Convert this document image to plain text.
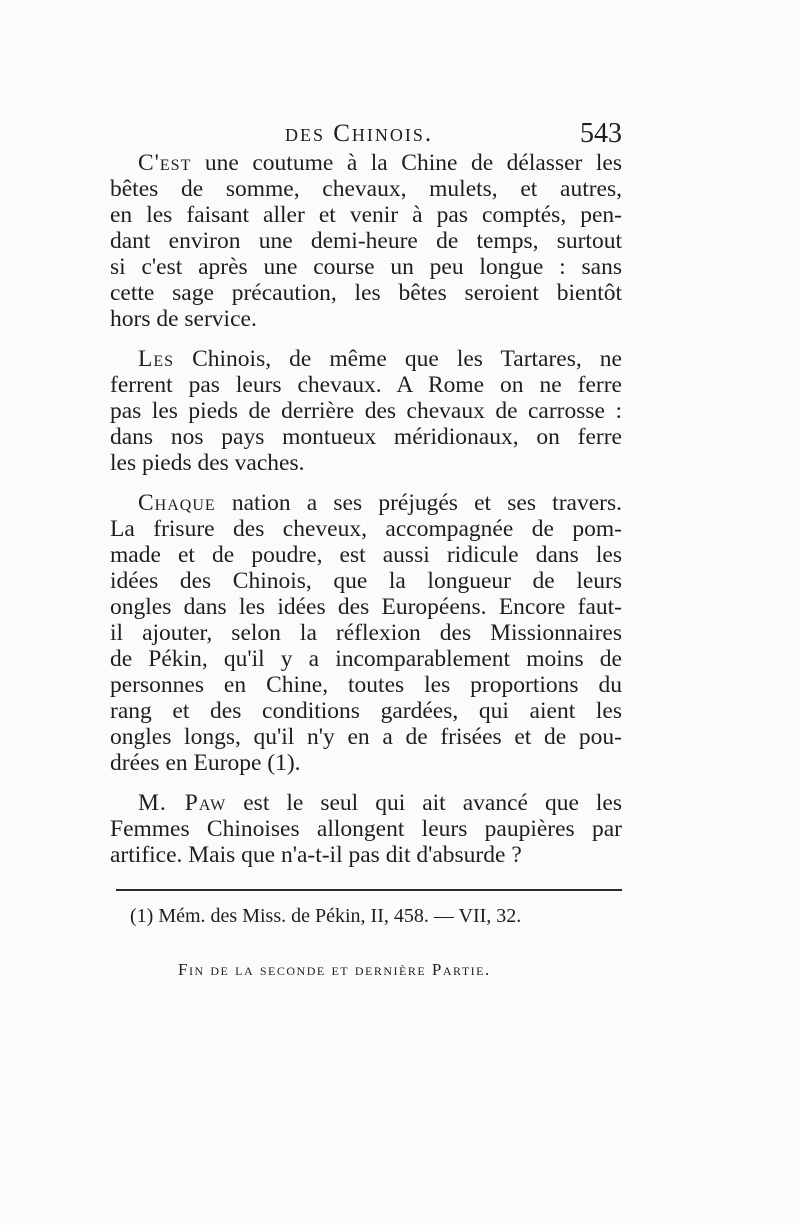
des Chinois.	543
C'est une coutume à la Chine de délasser les
bêtes de somme, chevaux, mulets, et autres,
en les faisant aller et venir à pas comptés, pen-
dant environ une demi-heure de temps, surtout
si c'est après une course un peu longue : sans
cette sage précaution, les bêtes seroient bientôt
hors de service.
Les Chinois, de même que les Tartares, ne
ferrent pas leurs chevaux. A Rome on ne ferre
pas les pieds de derrière des chevaux de carrosse :
dans nos pays montueux méridionaux, on ferre
les pieds des vaches.
Chaque nation a ses préjugés et ses travers.
La frisure des cheveux, accompagnée de pom-
made et de poudre, est aussi ridicule dans les
idées des Chinois, que la longueur de leurs
ongles dans les idées des Européens. Encore faut-
il ajouter, selon la réflexion des Missionnaires
de Pékin, qu'il y a incomparablement moins de
personnes en Chine, toutes les proportions du
rang et des conditions gardées, qui aient les
ongles longs, qu'il n'y en a de frisées et de pou-
drées en Europe (1).
M. Paw est le seul qui ait avancé que les
Femmes Chinoises allongent leurs paupières par
artifice. Mais que n'a-t-il pas dit d'absurde ?
(1) Mém. des Miss. de Pékin, II, 458. — VII, 32.
Fin de la seconde et dernière Partie.
